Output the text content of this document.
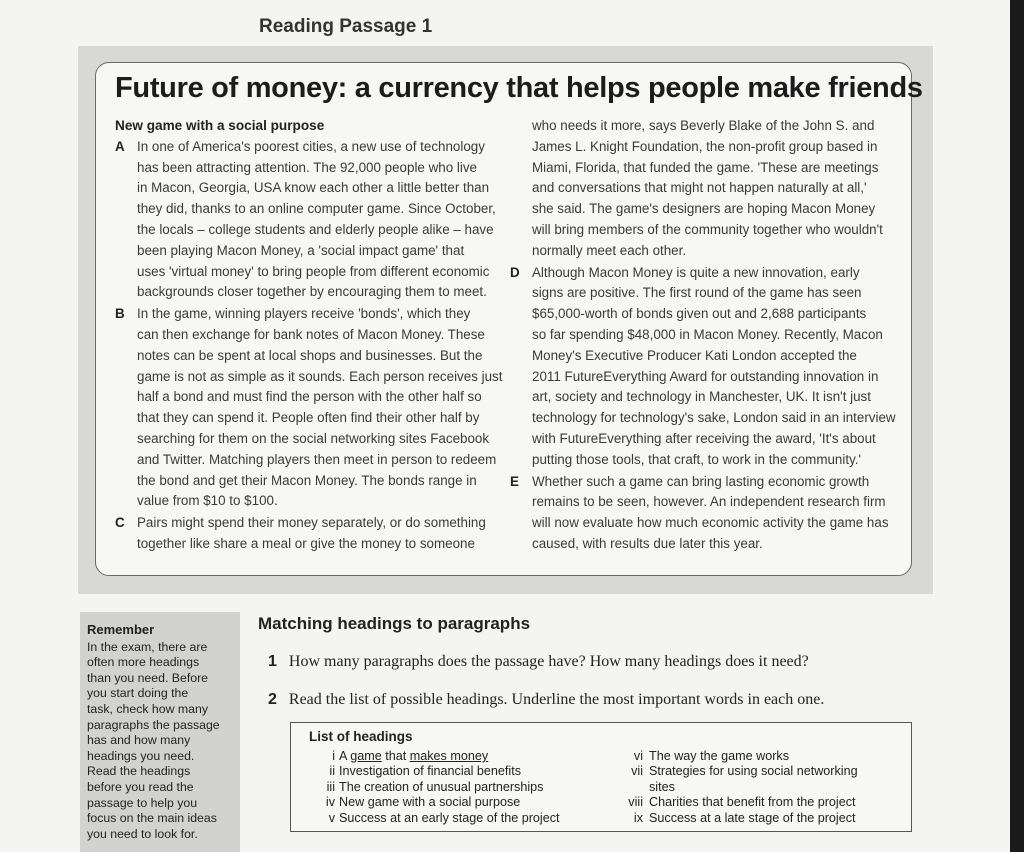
Reading Passage 1
Future of money: a currency that helps people make friends
New game with a social purpose
A In one of America's poorest cities, a new use of technology
has been attracting attention. The 92,000 people who live
in Macon, Georgia, USA know each other a little better than
they did, thanks to an online computer game. Since October,
the locals – college students and elderly people alike – have
been playing Macon Money, a 'social impact game' that
uses 'virtual money' to bring people from different economic
backgrounds closer together by encouraging them to meet.
B In the game, winning players receive 'bonds', which they
can then exchange for bank notes of Macon Money. These
notes can be spent at local shops and businesses. But the
game is not as simple as it sounds. Each person receives just
half a bond and must find the person with the other half so
that they can spend it. People often find their other half by
searching for them on the social networking sites Facebook
and Twitter. Matching players then meet in person to redeem
the bond and get their Macon Money. The bonds range in
value from $10 to $100.
C Pairs might spend their money separately, or do something
together like share a meal or give the money to someone
who needs it more, says Beverly Blake of the John S. and
James L. Knight Foundation, the non-profit group based in
Miami, Florida, that funded the game. 'These are meetings
and conversations that might not happen naturally at all,'
she said. The game's designers are hoping Macon Money
will bring members of the community together who wouldn't
normally meet each other.
D Although Macon Money is quite a new innovation, early
signs are positive. The first round of the game has seen
$65,000-worth of bonds given out and 2,688 participants
so far spending $48,000 in Macon Money. Recently, Macon
Money's Executive Producer Kati London accepted the
2011 FutureEverything Award for outstanding innovation in
art, society and technology in Manchester, UK. It isn't just
technology for technology's sake, London said in an interview
with FutureEverything after receiving the award, 'It's about
putting those tools, that craft, to work in the community.'
E Whether such a game can bring lasting economic growth
remains to be seen, however. An independent research firm
will now evaluate how much economic activity the game has
caused, with results due later this year.
Remember
In the exam, there are
often more headings
than you need. Before
you start doing the
task, check how many
paragraphs the passage
has and how many
headings you need.
Read the headings
before you read the
passage to help you
focus on the main ideas
you need to look for.
Matching headings to paragraphs
1 How many paragraphs does the passage have? How many headings does it need?
2 Read the list of possible headings. Underline the most important words in each one.
List of headings
i A game that makes money
ii Investigation of financial benefits
iii The creation of unusual partnerships
iv New game with a social purpose
v Success at an early stage of the project
vi The way the game works
vii Strategies for using social networking
sites
viii Charities that benefit from the project
ix Success at a late stage of the project
